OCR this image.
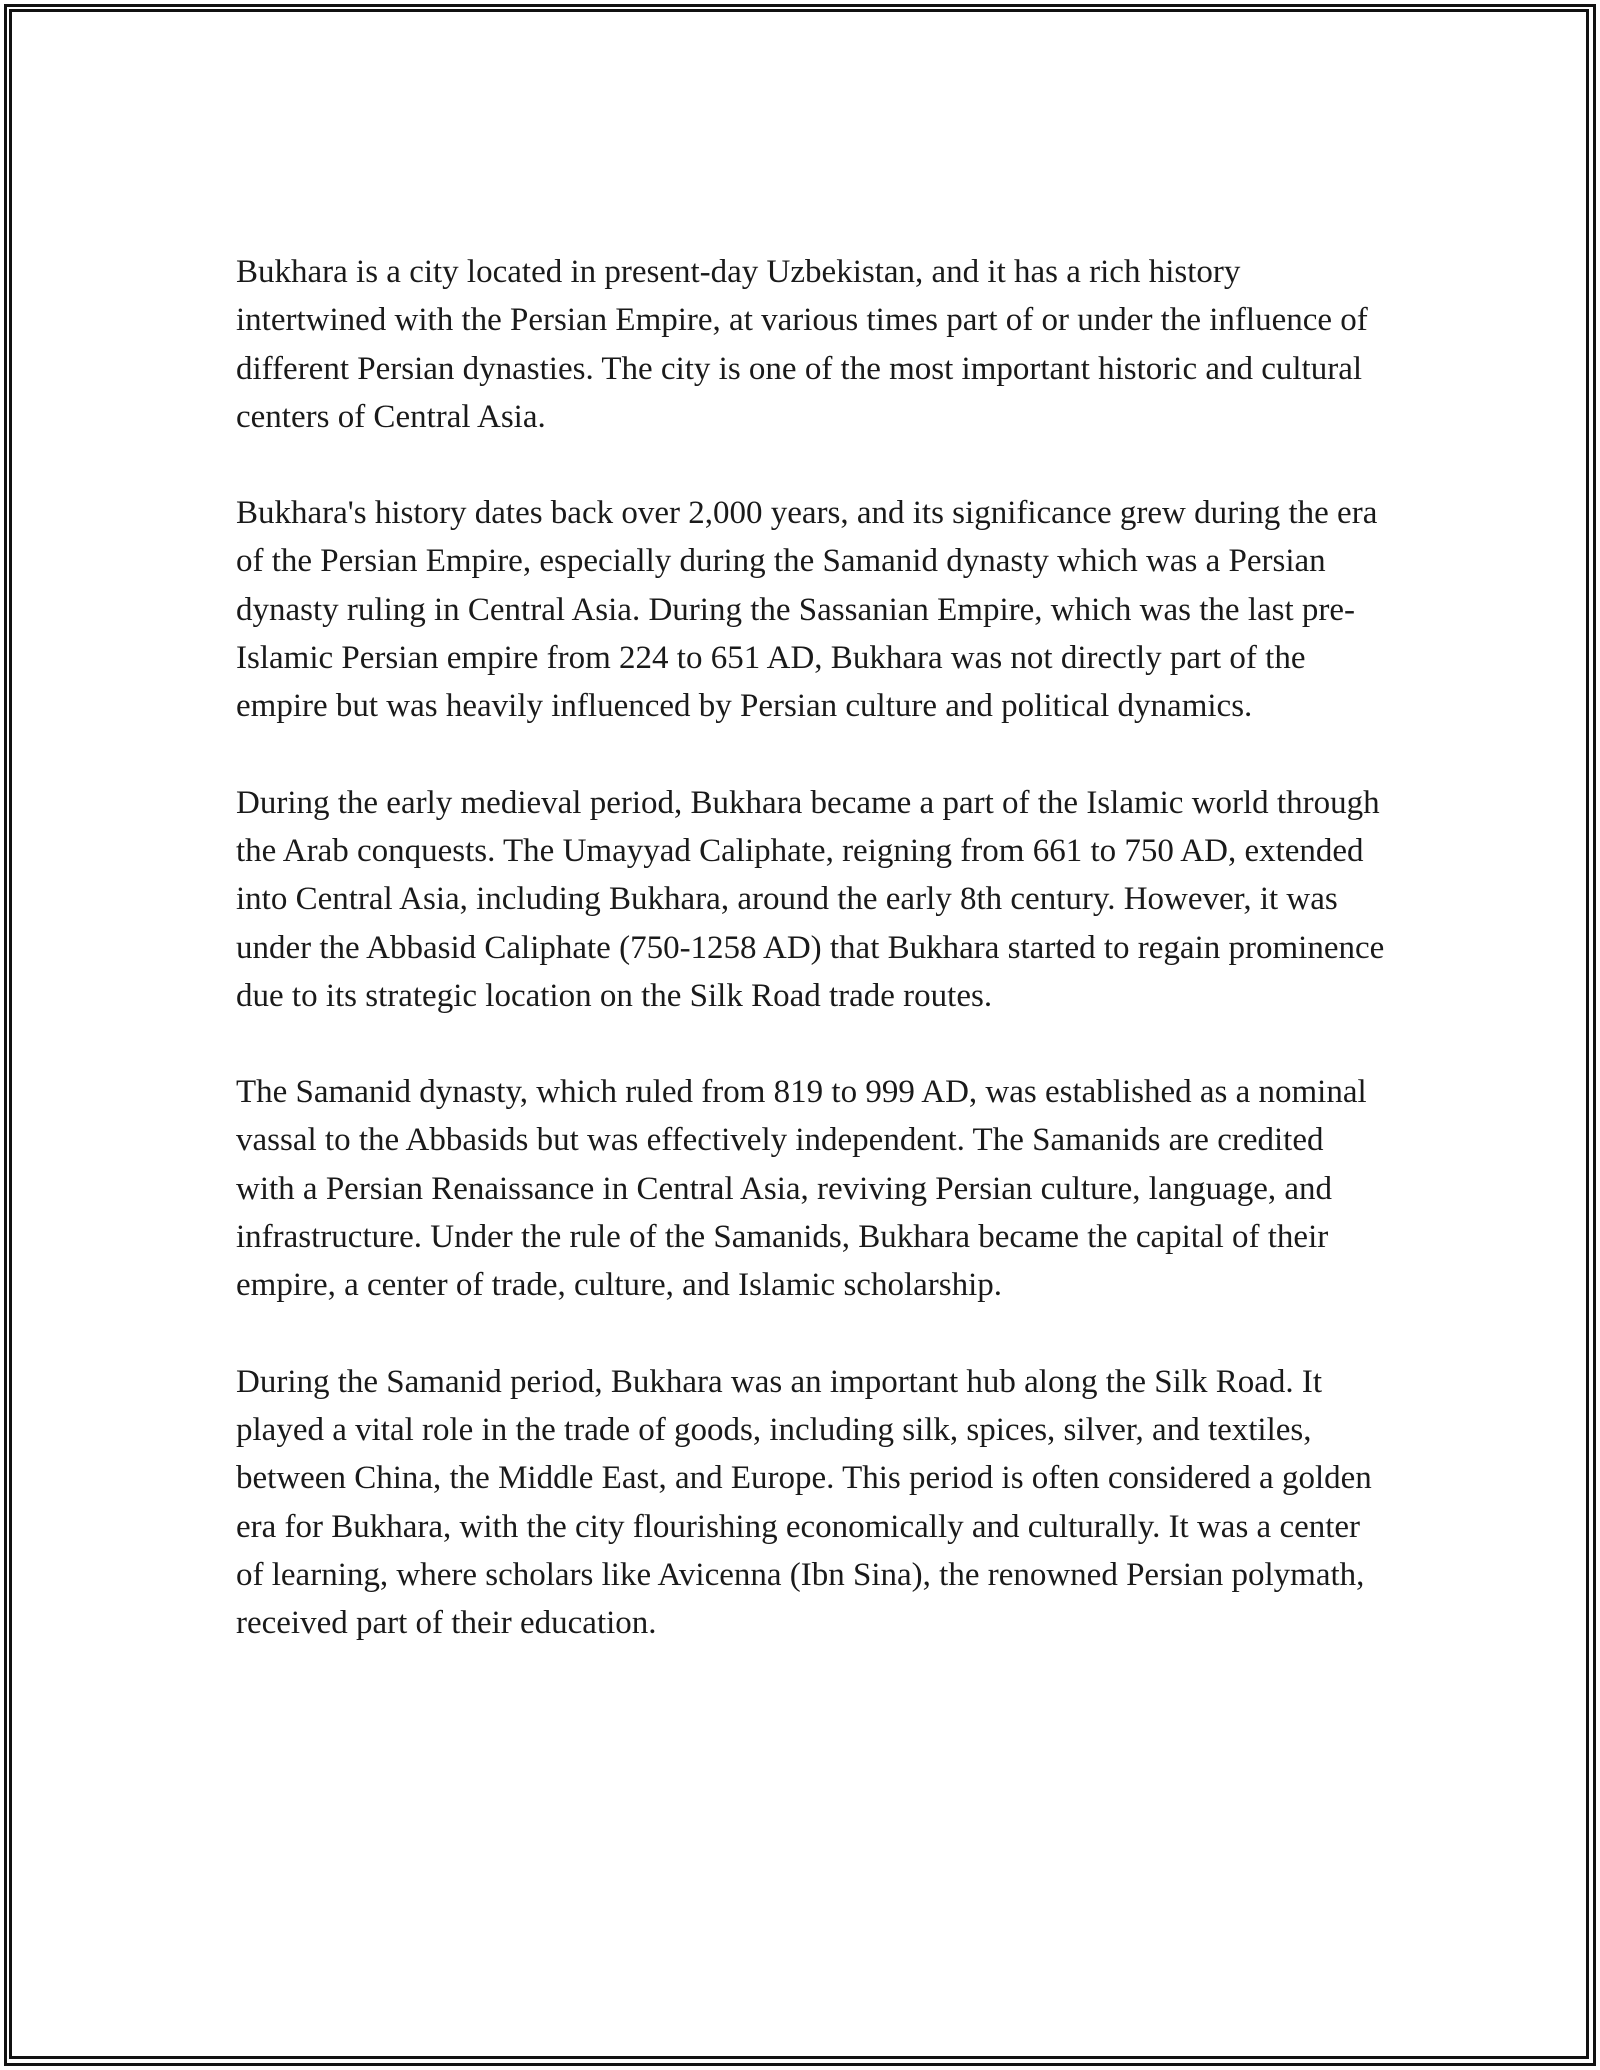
Bukhara is a city located in present-day Uzbekistan, and it has a rich history intertwined with the Persian Empire, at various times part of or under the influence of different Persian dynasties. The city is one of the most important historic and cultural centers of Central Asia.

Bukhara's history dates back over 2,000 years, and its significance grew during the era of the Persian Empire, especially during the Samanid dynasty which was a Persian dynasty ruling in Central Asia. During the Sassanian Empire, which was the last pre-Islamic Persian empire from 224 to 651 AD, Bukhara was not directly part of the empire but was heavily influenced by Persian culture and political dynamics.

During the early medieval period, Bukhara became a part of the Islamic world through the Arab conquests. The Umayyad Caliphate, reigning from 661 to 750 AD, extended into Central Asia, including Bukhara, around the early 8th century. However, it was under the Abbasid Caliphate (750-1258 AD) that Bukhara started to regain prominence due to its strategic location on the Silk Road trade routes.

The Samanid dynasty, which ruled from 819 to 999 AD, was established as a nominal vassal to the Abbasids but was effectively independent. The Samanids are credited with a Persian Renaissance in Central Asia, reviving Persian culture, language, and infrastructure. Under the rule of the Samanids, Bukhara became the capital of their empire, a center of trade, culture, and Islamic scholarship.

During the Samanid period, Bukhara was an important hub along the Silk Road. It played a vital role in the trade of goods, including silk, spices, silver, and textiles, between China, the Middle East, and Europe. This period is often considered a golden era for Bukhara, with the city flourishing economically and culturally. It was a center of learning, where scholars like Avicenna (Ibn Sina), the renowned Persian polymath, received part of their education.
